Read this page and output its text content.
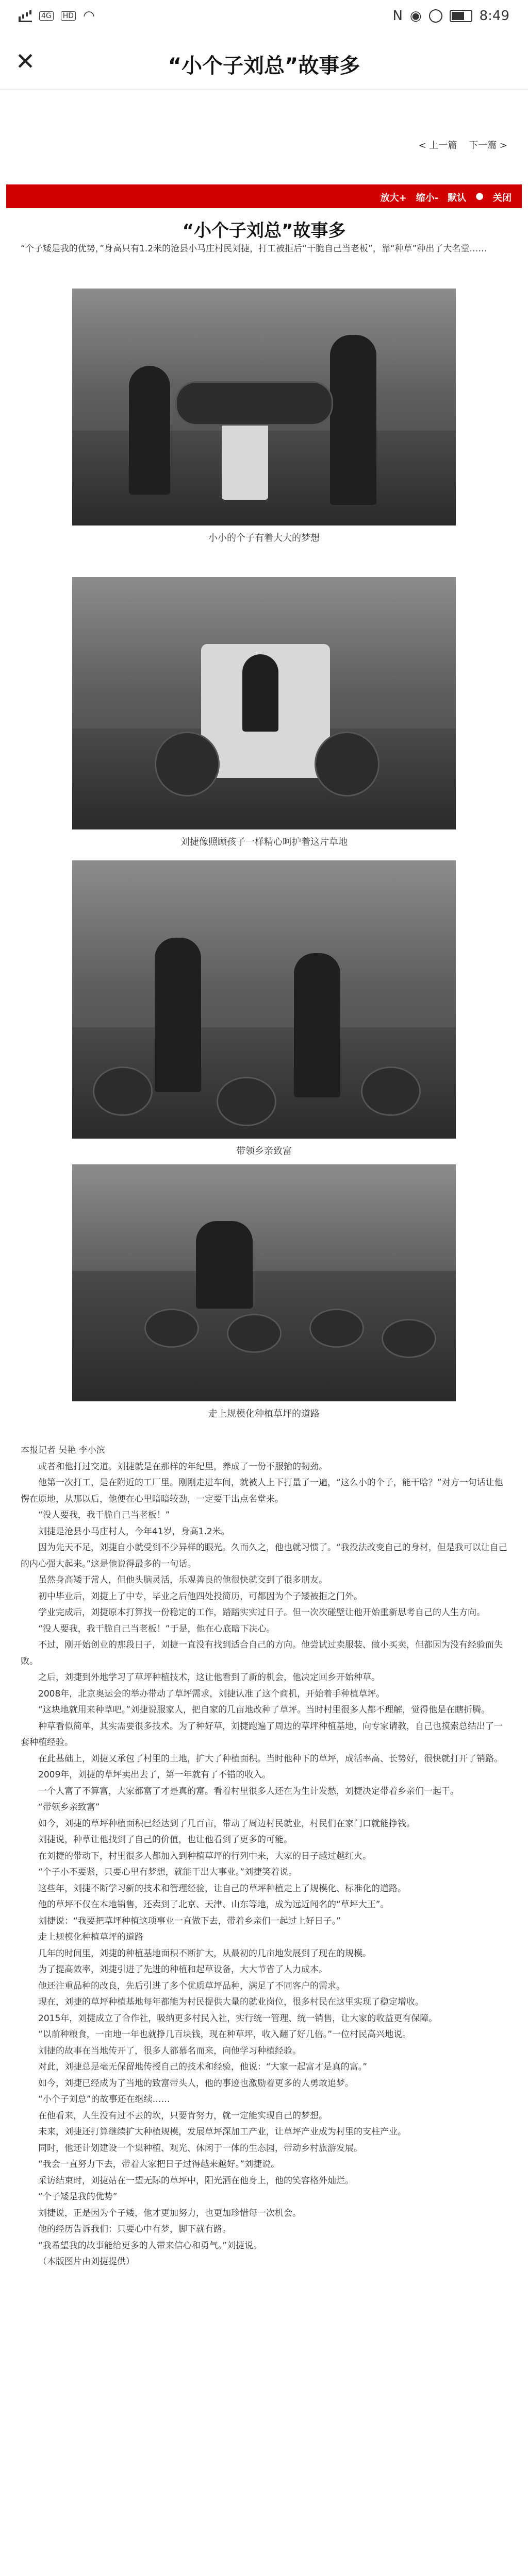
4G HD ◠	N ◉	8:49
✕	“小个子刘总”故事多
< 上一篇 下一篇 >
放大+ 缩小- 默认 ● 关闭
“小个子刘总”故事多
“个子矮是我的优势，”身高只有1.2米的沧县小马庄村民刘捷，打工被拒后“干脆自己当老板”，靠“种草”种出了大名堂……
小小的个子有着大大的梦想
刘捷像照顾孩子一样精心呵护着这片草地
带领乡亲致富
走上规模化种植草坪的道路

本报记者 吴艳 李小滨

或者和他打过交道。刘捷就是在那样的年纪里，养成了一份不服输的韧劲。

他第一次打工，是在附近的工厂里。刚刚走进车间，就被人上下打量了一遍，“这么小的个子，能干啥？”对方一句话让他愣在原地，从那以后，他便在心里暗暗较劲，一定要干出点名堂来。

“没人要我，我干脆自己当老板！”

刘捷是沧县小马庄村人，今年41岁，身高1.2米。

因为先天不足，刘捷自小就受到不少异样的眼光。久而久之，他也就习惯了。“我没法改变自己的身材，但是我可以让自己的内心强大起来。”这是他说得最多的一句话。

虽然身高矮于常人，但他头脑灵活，乐观善良的他很快就交到了很多朋友。

初中毕业后，刘捷上了中专，毕业之后他四处投简历，可都因为个子矮被拒之门外。

学业完成后，刘捷原本打算找一份稳定的工作，踏踏实实过日子。但一次次碰壁让他开始重新思考自己的人生方向。

“没人要我，我干脆自己当老板！”于是，他在心底暗下决心。

不过，刚开始创业的那段日子，刘捷一直没有找到适合自己的方向。他尝试过卖服装、做小买卖，但都因为没有经验而失败。

之后，刘捷到外地学习了草坪种植技术，这让他看到了新的机会，他决定回乡开始种草。

2008年，北京奥运会的举办带动了草坪需求，刘捷认准了这个商机，开始着手种植草坪。

“这块地就用来种草吧。”刘捷说服家人，把自家的几亩地改种了草坪。当时村里很多人都不理解，觉得他是在瞎折腾。

种草看似简单，其实需要很多技术。为了种好草，刘捷跑遍了周边的草坪种植基地，向专家请教，自己也摸索总结出了一套种植经验。

在此基础上，刘捷又承包了村里的土地，扩大了种植面积。当时他种下的草坪，成活率高、长势好，很快就打开了销路。

2009年，刘捷的草坪卖出去了，第一年就有了不错的收入。

一个人富了不算富，大家都富了才是真的富。看着村里很多人还在为生计发愁，刘捷决定带着乡亲们一起干。

“带领乡亲致富”

如今，刘捷的草坪种植面积已经达到了几百亩，带动了周边村民就业，村民们在家门口就能挣钱。

刘捷说，种草让他找到了自己的价值，也让他看到了更多的可能。

在刘捷的带动下，村里很多人都加入到种植草坪的行列中来，大家的日子越过越红火。

“个子小不要紧，只要心里有梦想，就能干出大事业。”刘捷笑着说。

这些年，刘捷不断学习新的技术和管理经验，让自己的草坪种植走上了规模化、标准化的道路。

他的草坪不仅在本地销售，还卖到了北京、天津、山东等地，成为远近闻名的“草坪大王”。

刘捷说：“我要把草坪种植这项事业一直做下去，带着乡亲们一起过上好日子。”

走上规模化种植草坪的道路

几年的时间里，刘捷的种植基地面积不断扩大，从最初的几亩地发展到了现在的规模。

为了提高效率，刘捷引进了先进的种植和起草设备，大大节省了人力成本。

他还注重品种的改良，先后引进了多个优质草坪品种，满足了不同客户的需求。

现在，刘捷的草坪种植基地每年都能为村民提供大量的就业岗位，很多村民在这里实现了稳定增收。

2015年，刘捷成立了合作社，吸纳更多村民入社，实行统一管理、统一销售，让大家的收益更有保障。

“以前种粮食，一亩地一年也就挣几百块钱，现在种草坪，收入翻了好几倍。”一位村民高兴地说。

刘捷的故事在当地传开了，很多人都慕名而来，向他学习种植经验。

对此，刘捷总是毫无保留地传授自己的技术和经验，他说：“大家一起富才是真的富。”

如今，刘捷已经成为了当地的致富带头人，他的事迹也激励着更多的人勇敢追梦。

“小个子刘总”的故事还在继续……

在他看来，人生没有过不去的坎，只要肯努力，就一定能实现自己的梦想。

未来，刘捷还打算继续扩大种植规模，发展草坪深加工产业，让草坪产业成为村里的支柱产业。

同时，他还计划建设一个集种植、观光、休闲于一体的生态园，带动乡村旅游发展。

“我会一直努力下去，带着大家把日子过得越来越好。”刘捷说。

采访结束时，刘捷站在一望无际的草坪中，阳光洒在他身上，他的笑容格外灿烂。

“个子矮是我的优势”

刘捷说，正是因为个子矮，他才更加努力，也更加珍惜每一次机会。

他的经历告诉我们：只要心中有梦，脚下就有路。

“我希望我的故事能给更多的人带来信心和勇气。”刘捷说。

（本版图片由刘捷提供）
